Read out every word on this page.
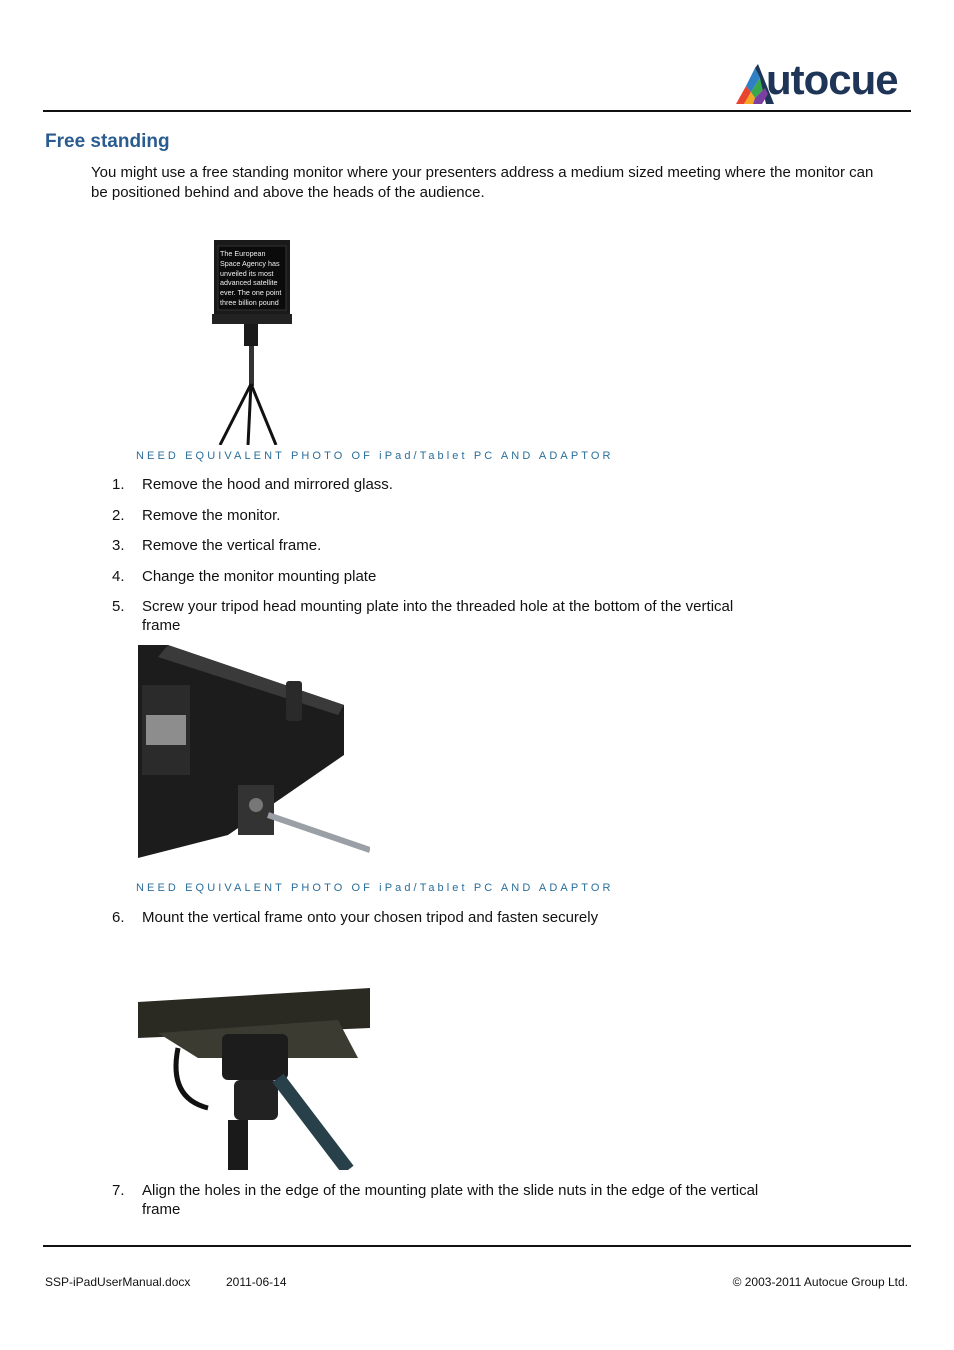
utocue
Free standing

You might use a free standing monitor where your presenters address a medium sized meeting where the monitor can be positioned behind and above the heads of the audience.

The European
Space Agency has
unveiled its most
advanced satellite
ever. The one point
three billion pound
NEED EQUIVALENT PHOTO OF iPad/Tablet PC AND ADAPTOR
1.	Remove the hood and mirrored glass.
2.	Remove the monitor.
3.	Remove the vertical frame.
4.	Change the monitor mounting plate
5.	Screw your tripod head mounting plate into the threaded hole at the bottom of the vertical frame
NEED EQUIVALENT PHOTO OF iPad/Tablet PC AND ADAPTOR
6.	Mount the vertical frame onto your chosen tripod and fasten securely
7.	Align the holes in the edge of the mounting plate with the slide nuts in the edge of the vertical frame
SSP-iPadUserManual.docx	2011-06-14	© 2003-2011 Autocue Group Ltd.
